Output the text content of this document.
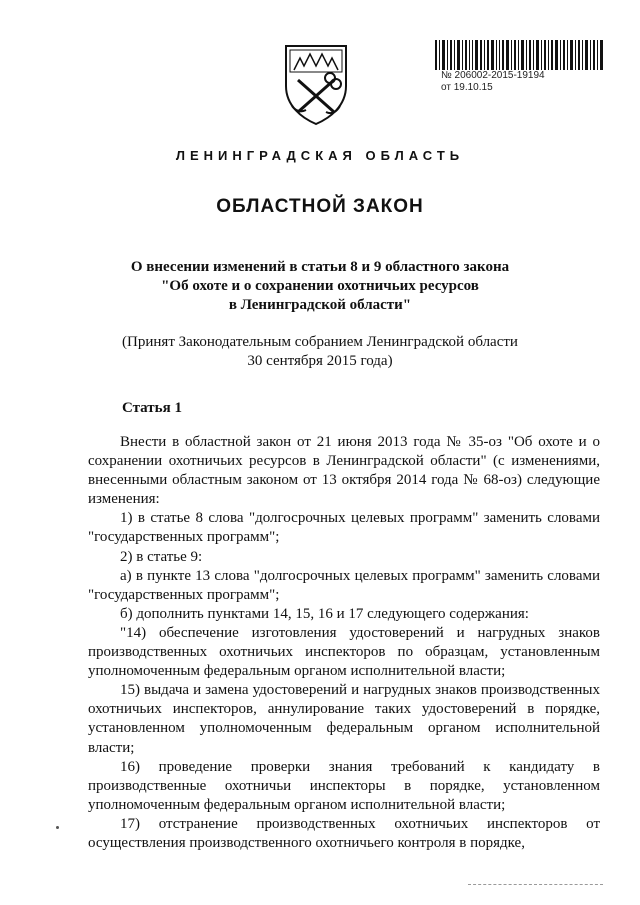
№ 206002-2015-19194
от 19.10.15
ЛЕНИНГРАДСКАЯ ОБЛАСТЬ
ОБЛАСТНОЙ ЗАКОН
О внесении изменений в статьи 8 и 9 областного закона
"Об охоте и о сохранении охотничьих ресурсов
в Ленинградской области"
(Принят Законодательным собранием Ленинградской области
30 сентября 2015 года)
Статья 1

Внести в областной закон от 21 июня 2013 года № 35-оз "Об охоте и о сохранении охотничьих ресурсов в Ленинградской области" (с изменениями, внесенными областным законом от 13 октября 2014 года № 68-оз) следующие изменения:

1) в статье 8 слова "долгосрочных целевых программ" заменить словами "государственных программ";

2) в статье 9:

а) в пункте 13 слова "долгосрочных целевых программ" заменить словами "государственных программ";

б) дополнить пунктами 14, 15, 16 и 17 следующего содержания:

"14) обеспечение изготовления удостоверений и нагрудных знаков производственных охотничьих инспекторов по образцам, установленным уполномоченным федеральным органом исполнительной власти;

15) выдача и замена удостоверений и нагрудных знаков производственных охотничьих инспекторов, аннулирование таких удостоверений в порядке, установленном уполномоченным федеральным органом исполнительной власти;

16) проведение проверки знания требований к кандидату в производственные охотничьи инспекторы в порядке, установленном уполномоченным федеральным органом исполнительной власти;

17) отстранение производственных охотничьих инспекторов от осуществления производственного охотничьего контроля в порядке,
